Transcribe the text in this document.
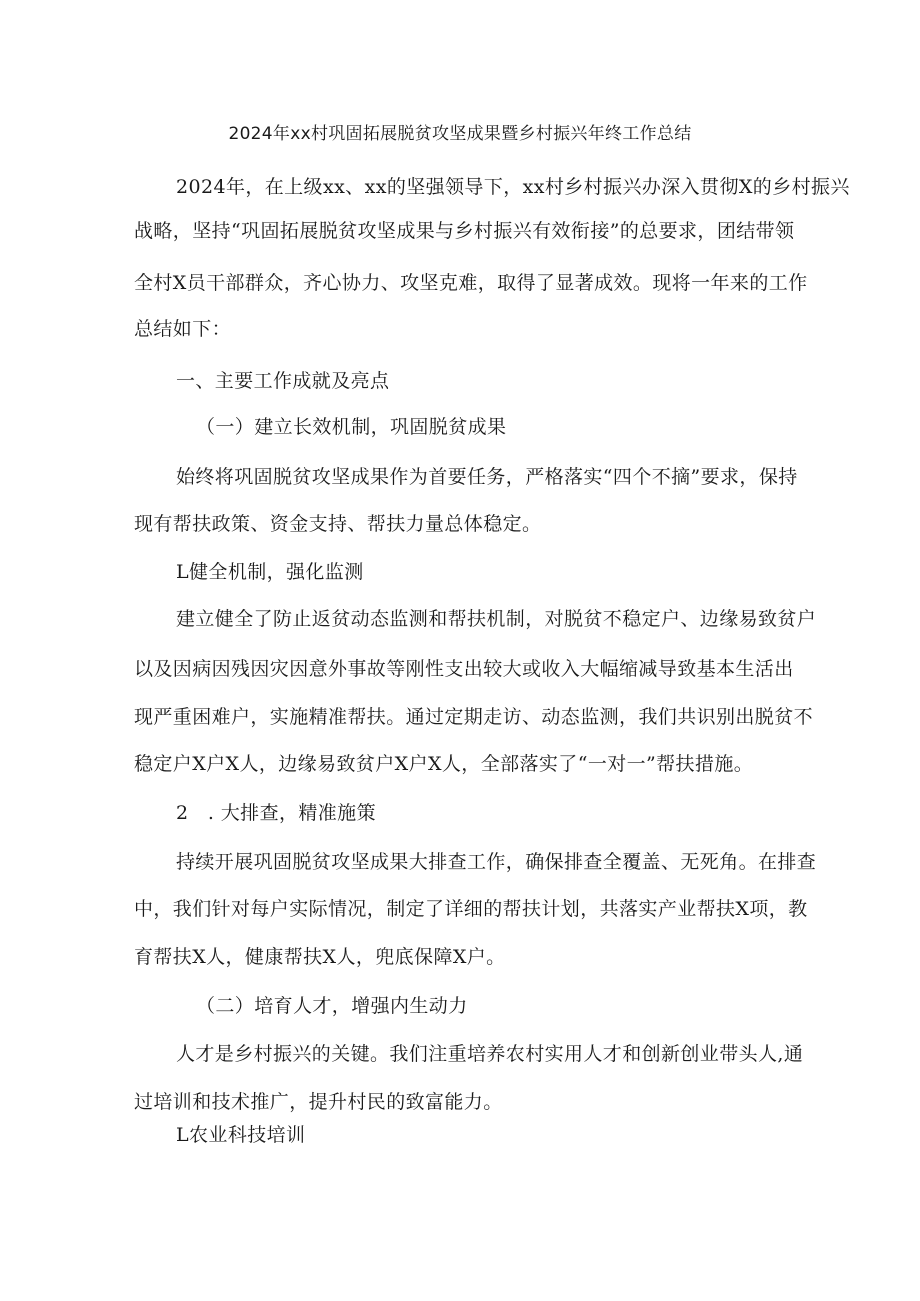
2024年xx村巩固拓展脱贫攻坚成果暨乡村振兴年终工作总结

2024年，在上级xx、xx的坚强领导下，xx村乡村振兴办深入贯彻X的乡村振兴

战略，坚持“巩固拓展脱贫攻坚成果与乡村振兴有效衔接”的总要求，团结带领

全村X员干部群众，齐心协力、攻坚克难，取得了显著成效。现将一年来的工作

总结如下：

一、主要工作成就及亮点

（一）建立长效机制，巩固脱贫成果

始终将巩固脱贫攻坚成果作为首要任务，严格落实“四个不摘”要求，保持

现有帮扶政策、资金支持、帮扶力量总体稳定。

L健全机制，强化监测

建立健全了防止返贫动态监测和帮扶机制，对脱贫不稳定户、边缘易致贫户

以及因病因残因灾因意外事故等刚性支出较大或收入大幅缩减导致基本生活出

现严重困难户，实施精准帮扶。通过定期走访、动态监测，我们共识别出脱贫不

稳定户X户X人，边缘易致贫户X户X人，全部落实了“一对一”帮扶措施。

2　. 大排查，精准施策

持续开展巩固脱贫攻坚成果大排查工作，确保排查全覆盖、无死角。在排查

中，我们针对每户实际情况，制定了详细的帮扶计划，共落实产业帮扶X项，教

育帮扶X人，健康帮扶X人，兜底保障X户。

（二）培育人才，增强内生动力

人才是乡村振兴的关键。我们注重培养农村实用人才和创新创业带头人,通

过培训和技术推广，提升村民的致富能力。

L农业科技培训
